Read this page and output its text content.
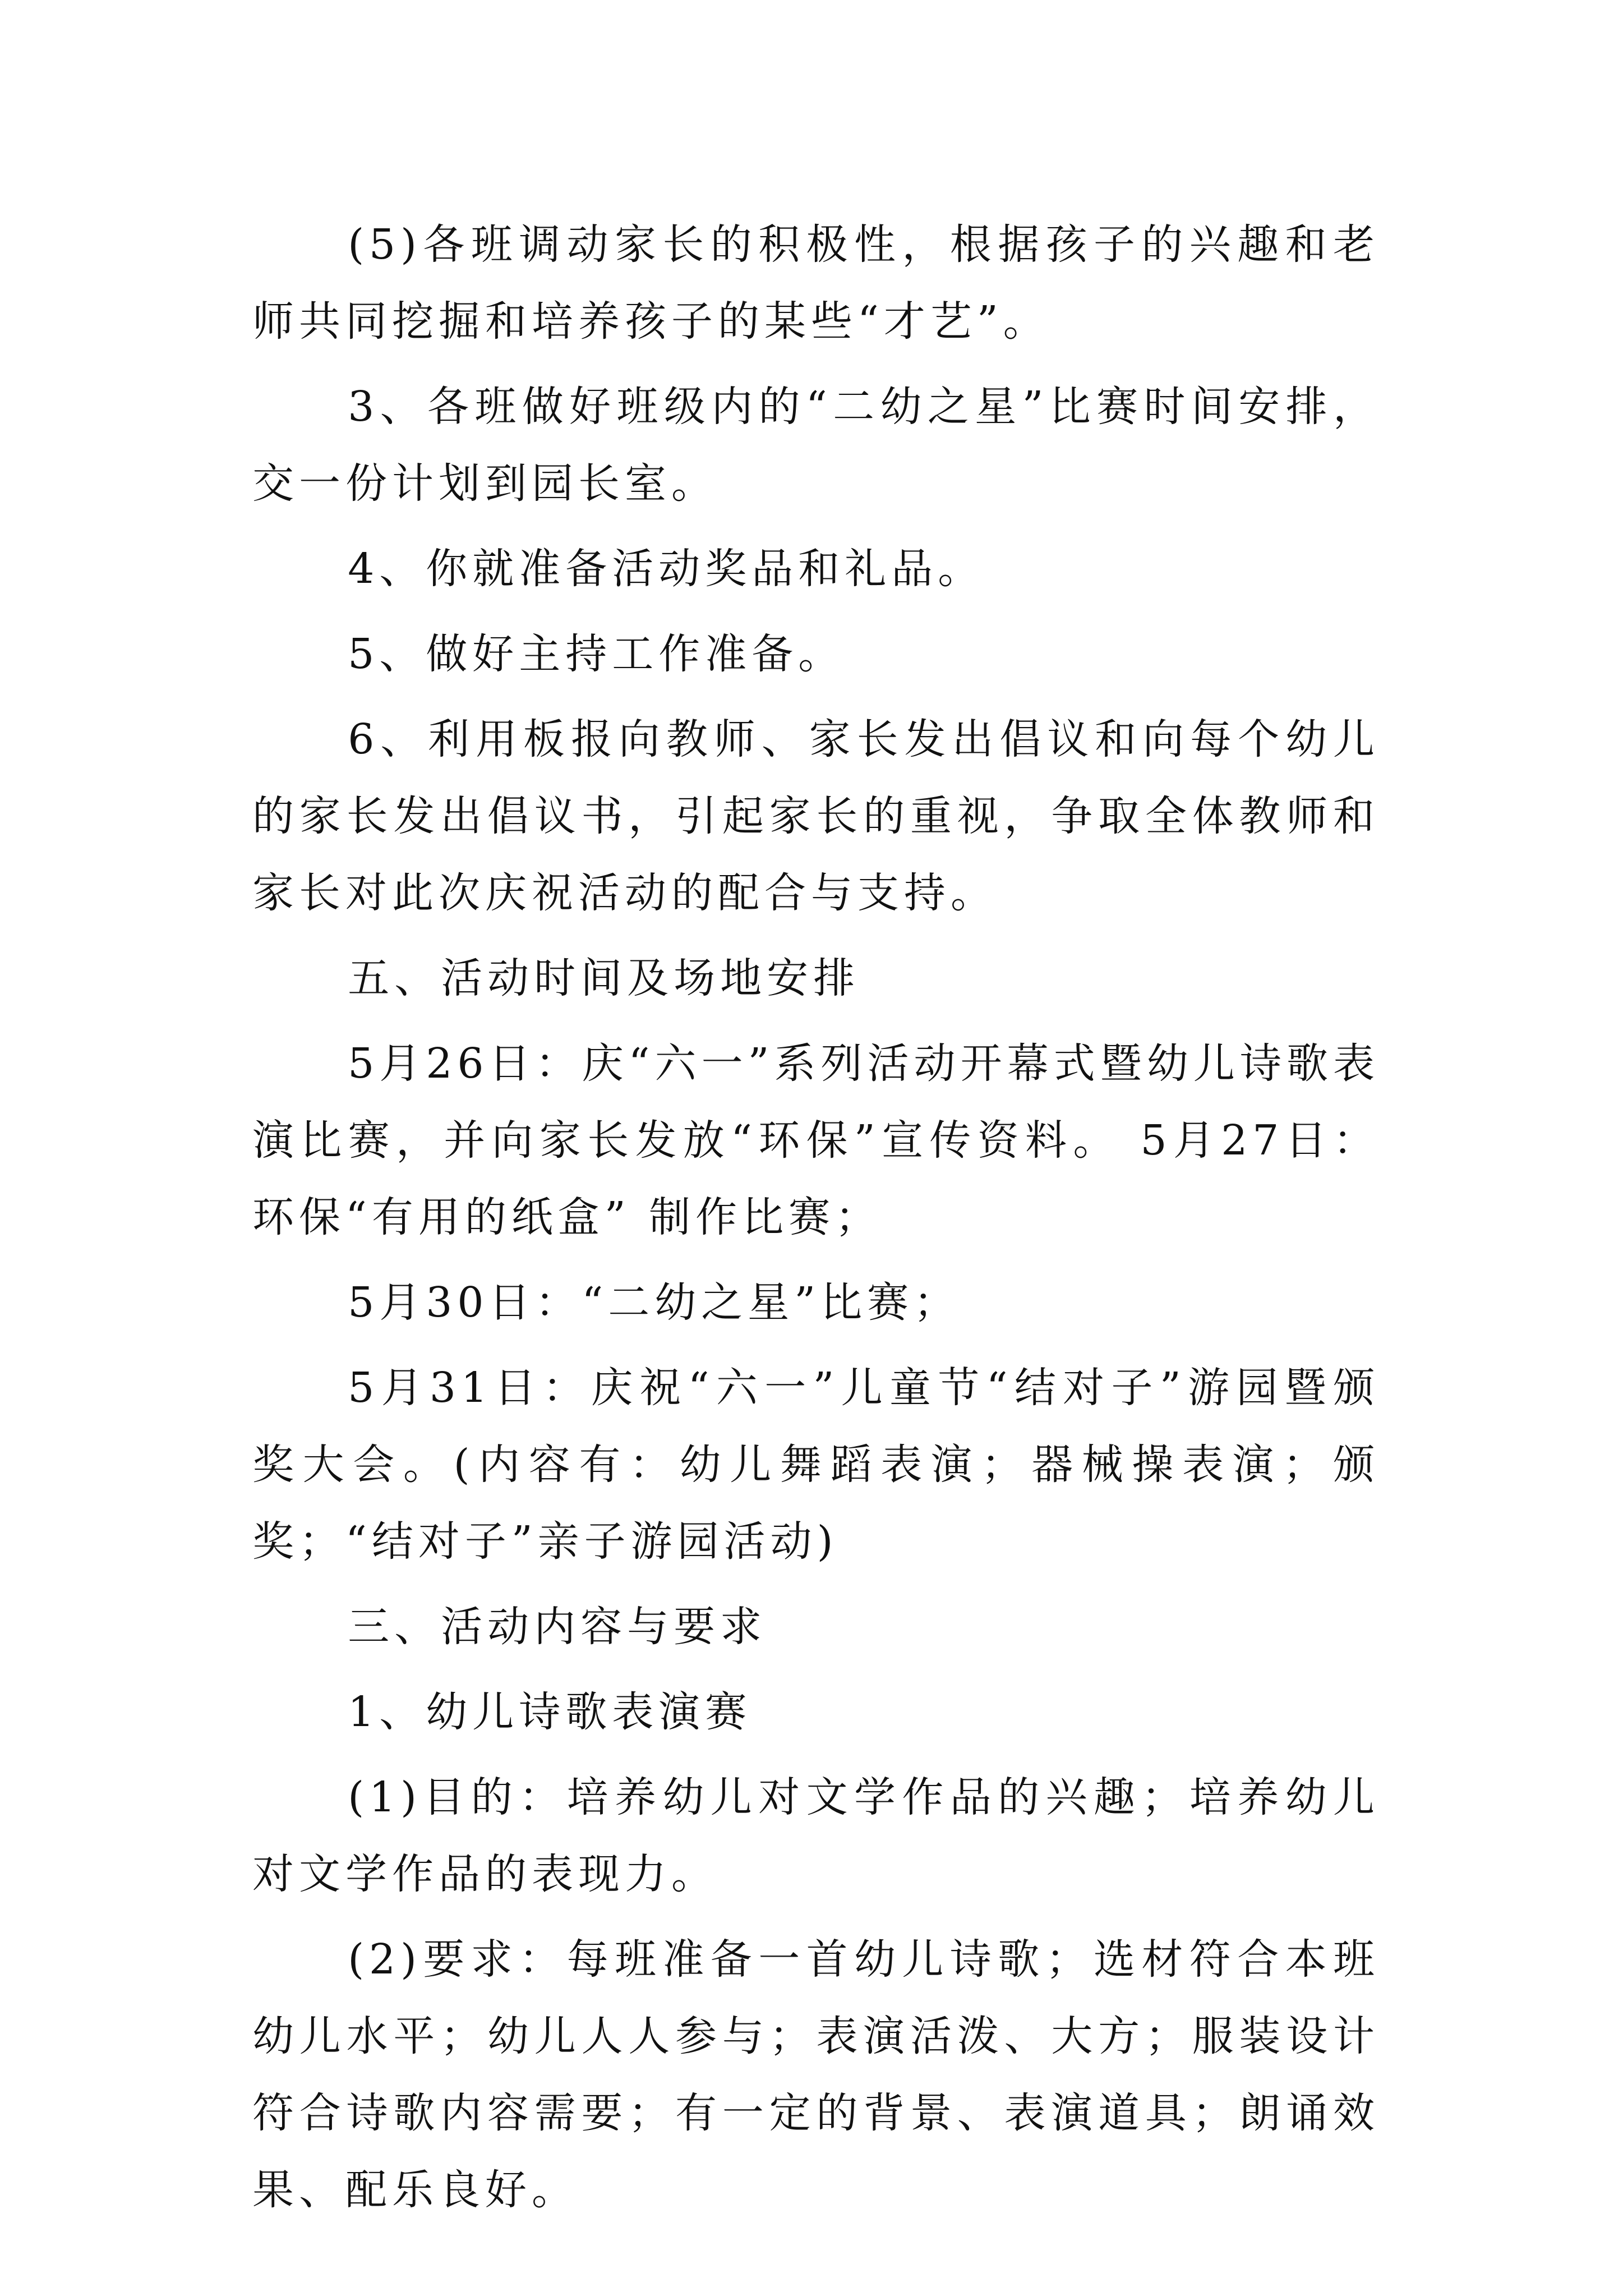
(5)各班调动家长的积极性，根据孩子的兴趣和老师共同挖掘和培养孩子的某些“才艺”。

3、各班做好班级内的“二幼之星”比赛时间安排，交一份计划到园长室。

4、你就准备活动奖品和礼品。

5、做好主持工作准备。

6、利用板报向教师、家长发出倡议和向每个幼儿的家长发出倡议书，引起家长的重视，争取全体教师和家长对此次庆祝活动的配合与支持。

五、活动时间及场地安排

5月26日：庆“六一”系列活动开幕式暨幼儿诗歌表演比赛，并向家长发放“环保”宣传资料。 5月27日：环保“有用的纸盒” 制作比赛；

5月30日：“二幼之星”比赛；

5月31日：庆祝“六一”儿童节“结对子”游园暨颁奖大会。(内容有：幼儿舞蹈表演；器械操表演；颁奖；“结对子”亲子游园活动)

三、活动内容与要求

1、幼儿诗歌表演赛

(1)目的：培养幼儿对文学作品的兴趣；培养幼儿对文学作品的表现力。

(2)要求：每班准备一首幼儿诗歌；选材符合本班幼儿水平；幼儿人人参与；表演活泼、大方；服装设计符合诗歌内容需要；有一定的背景、表演道具；朗诵效果、配乐良好。
